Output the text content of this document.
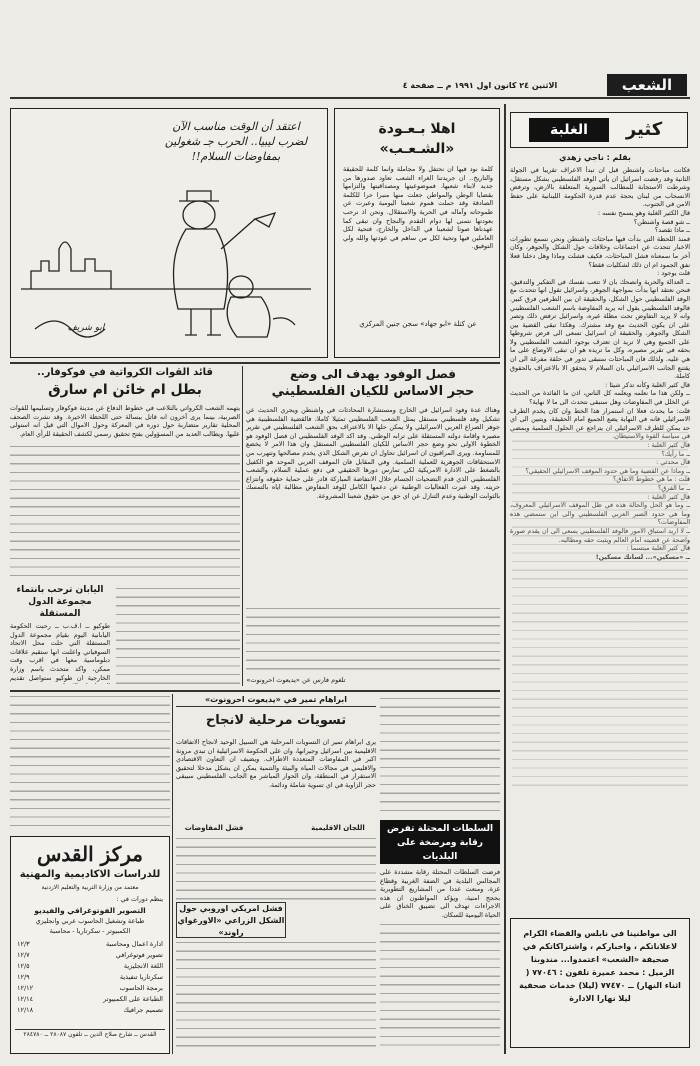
الشعب
الاثنين ٢٤ كانون اول ١٩٩١ م ــ صفحة ٤
كثير
الغلبة
بقلم : ناجي زهدي

فكانت مباحثات واشنطن قبل ان تبدأ الاعراف تقريبا في الجولة الثانية وقد رفضت اسرائيل ان يأتي الوفد الفلسطيني بشكل مستقل، وشرطت الاستجابة للمطالب السورية المتعلقة بالارض، وترفض الانسحاب من لبنان بحجة عدم قدرة الحكومة اللبنانية على حفظ الامن في الجنوب.

قال الكثير الغلبة وهو يسمح نفسه :

ــ شو قصة واشنطن؟

ــ ماذا تقصد؟

فمنذ اللحظة التي بدأت فيها مباحثات واشنطن ونحن نسمع تطورات الاخبار تتحدث عن اجتماعات وخلافات حول الشكل والجوهر، وكان آخر ما سمعناه فشل المباحثات، فكيف فشلت وماذا وهل دخلنا فعلا نفق الجمود ام ان ذلك لشكليات فقط؟

قلت يوجود :

ــ العدالة والحرية وانصحك بان لا تتعب نفسك في التفكير والتدقيق، فنحن نعتقد انها بدأت بمواجهة الجوهر، واسرائيل تقول انها تتحدث مع الوفد الفلسطيني حول الشكل، والحقيقة ان بين الطرفين فرق كبير. فالوفد الفلسطيني يقول انه يريد المفاوضة باسم الشعب الفلسطيني وانه لا يريد التفاوض تحت مظلة غيره، واسرائيل ترفض ذلك وتصر على ان يكون الحديث مع وفد مشترك. وهكذا تبقى القضية بين الشكل والجوهر. والحقيقة ان اسرائيل تسعى الى فرض شروطها على الجميع وهي لا تريد ان تعترف بوجود الشعب الفلسطيني ولا بحقه في تقرير مصيره، وكل ما تريده هو ان تبقى الاوضاع على ما هي عليه. ولذلك فان المباحثات ستبقى تدور في حلقة مفرغة الى ان يقتنع الجانب الاسرائيلي بان السلام لا يتحقق الا بالاعتراف بالحقوق كاملة.

قال كثير الغلبة وكأنه تذكر شيئا :

ــ ولكن هذا ما نعلمه ويعلمه كل الناس، اذن ما الفائدة من الحديث عن الخلل في المفاوضات وهل سنبقى نتحدث الى ما لا نهاية؟

قلت: ما يحدث فعلا ان استمرار هذا الخط وان كان يخدم الطرف الاسرائيلي فانه في النهاية يضع الجميع امام الحقيقة، ويتبين الى اي حد يمكن للطرف الاسرائيلي ان يتراجع عن الحلول السلمية ويمضي في سياسة القوة والاستيطان.

قال كثير الغلبة :

ــ ما رأيك؟

قال محدثي :

ــ وماذا عن القضية وما هي حدود الموقف الاسرائيلي الحقيقي؟

قلت : ما هي خطوط الاتفاق؟

ــ ما الفرق؟

قال كثير الغلبة :

ــ وما هو الحل والحالة هذه في ظل الموقف الاسرائيلي المعروف، وما هي حدود الصبر العربي الفلسطيني والى اين ستمضي هذه المفاوضات؟

ــ لا اريد استباق الامور فالوفد الفلسطيني يسعى الى ان يقدم صورة واضحة عن قضيته امام العالم ويثبت حقه ومطالبه.

قال كثير الغلبة مبتسما :

ــ «مسكين»... لسانك مسكين!

الى مواطنينا في نابلس والقضاء الكرام لاعلاناتكم ، واخباركم ، واشتراكاتكم في صحيفة «الشعب» اعتمدوا... مندوبنا الزميل : محمد عميرة تلفون : ٧٧٠٤٦ ( اثناء النهار) ــ ٧٧٤٧٠ (ليلا) خدمات صحفية ليلا نهارا الادارة
اعتقد أن الوقت مناسب الآن لضرب ليبيا.. الحرب جـ شغولين بمفاوضات السلام!!
ابو شريف
اهلا بـعـودة «الشـعـب»
كلمة نود فيها ان نحتفل ولا مجاملة وانما كلمة للحقيقة والتاريخ.. ان جريدتنا الغراء الشعب تعاود صدورها من جديد لابناء شعبها، فموضوعيتها ومصداقيتها والتزامها بقضايا الوطن والمواطن جعلت منها منبرا حرا للكلمة الصادقة وقد حملت هموم شعبنا اليومية وعبرت عن طموحاته وآماله في الحرية والاستقلال. ونحن اذ نرحب بعودتها نتمنى لها دوام التقدم والنجاح وان تبقى كما عهدناها صوتا لشعبنا في الداخل والخارج، فتحية لكل العاملين فيها وتحية لكل من ساهم في عودتها والله ولي التوفيق.
عن كتلة «ابو جهاد» سجن جنين المركزي
قائد القوات الكرواتية في فوكوفار..
بطل ام خائن ام سارق
يتهمه الشعب الكرواتي بالتلاعب في خطوط الدفاع عن مدينة فوكوفار وتسليمها للقوات الصربية، بينما يرى آخرون انه قاتل ببسالة حتى اللحظة الاخيرة. وقد نشرت الصحف المحلية تقارير متضاربة حول دوره في المعركة وحول الاموال التي قيل انه استولى عليها. ويطالب العديد من المسؤولين بفتح تحقيق رسمي لكشف الحقيقة للرأي العام.
فصل الوفود يهدف الى وضع
حجر الاساس للكيان الفلسطيني
وهناك عدة وفود اسرائيل في الخارج ومستشارة المحادثات في واشنطن ويجري الحديث عن تشكيل وفد فلسطيني مستقل يمثل الشعب الفلسطيني تمثيلا كاملا، فالقضية الفلسطينية هي جوهر الصراع العربي الاسرائيلي ولا يمكن حلها الا بالاعتراف بحق الشعب الفلسطيني في تقرير مصيره واقامة دولته المستقلة على ترابه الوطني. وقد اكد الوفد الفلسطيني ان فصل الوفود هو الخطوة الاولى نحو وضع حجر الاساس للكيان الفلسطيني المستقل وان هذا الامر لا يخضع للمساومة. ويرى المراقبون ان اسرائيل تحاول ان تفرض الشكل الذي يخدم مصالحها وتتهرب من الاستحقاقات الجوهرية للعملية السلمية. وفي المقابل فان الموقف العربي الموحد هو الكفيل بالضغط على الادارة الامريكية لكي تمارس دورها الحقيقي في دفع عملية السلام، والشعب الفلسطيني الذي قدم التضحيات الجسام خلال الانتفاضة المباركة قادر على حماية حقوقه وانتزاع حريته. وقد عبرت الفعاليات الوطنية عن دعمها الكامل للوفد المفاوض مطالبة اياه بالتمسك بالثوابت الوطنية وعدم التنازل عن اي حق من حقوق شعبنا المشروعة.
تلغوم فارس عن «يديعوت احرونوت»
اليابان ترحب بانتماء مجموعة الدول المستقلة
طوكيو ــ ا.ف.ب ــ رحبت الحكومة اليابانية اليوم بقيام مجموعة الدول المستقلة التي حلت محل الاتحاد السوفياتي واعلنت انها ستقيم علاقات دبلوماسية معها في اقرب وقت ممكن، واكد متحدث باسم وزارة الخارجية ان طوكيو ستواصل تقديم
ابراهام تمير في «يديعوت احرونوت»
تسويات مرحلية لانجاح
يرى ابراهام تمير ان التسويات المرحلية هي السبيل الوحيد لانجاح الاتفاقات الاقليمية بين اسرائيل وجيرانها، وان على الحكومة الاسرائيلية ان تبدي مرونة اكبر في المفاوضات المتعددة الاطراف. ويضيف ان التعاون الاقتصادي والاقليمي في مجالات المياه والبيئة والتنمية يمكن ان يشكل مدخلا لتحقيق الاستقرار في المنطقة، وان الحوار المباشر مع الجانب الفلسطيني سيبقى حجر الزاوية في اي تسوية شاملة ودائمة.
اللجان الاقليمية
فشل المفاوضات
فشل امريكي اوروبي حول الشكل الزراعي «الاورغواي راوند»
السلطات المحتلة تفرض رقابة ومرضخة على البلديات
فرضت السلطات المحتلة رقابة مشددة على المجالس البلدية في الضفة الغربية وقطاع غزة، ومنعت عددا من المشاريع التطويرية بحجج امنية، ويؤكد المواطنون ان هذه الاجراءات تهدف الى تضييق الخناق على الحياة اليومية للسكان.
مركز القدس
للدراسات الاكاديمية والمهنية
معتمد من وزارة التربية والتعليم الاردنية
ينظم دورات في :
التصوير الفوتوغرافي والفيديو
طباعة وتشغيل الحاسوب عربي وانجليزي
الكمبيوتر - سكرتاريا - محاسبة
ادارة اعمال ومحاسبة
١٢/٣
تصوير فوتوغرافي
١٢/٧
اللغة الانجليزية
١٢/٥
سكرتاريا تنفيذية
١٢/٩
برمجة الحاسوب
١٢/١٢
الطباعة على الكمبيوتر
١٢/١٤
تصميم جرافيك
١٢/١٨
القدس ــ شارع صلاح الدين ــ تلفون ٢٨٠٨٧ ــ ٢٨٤٧٨٠
